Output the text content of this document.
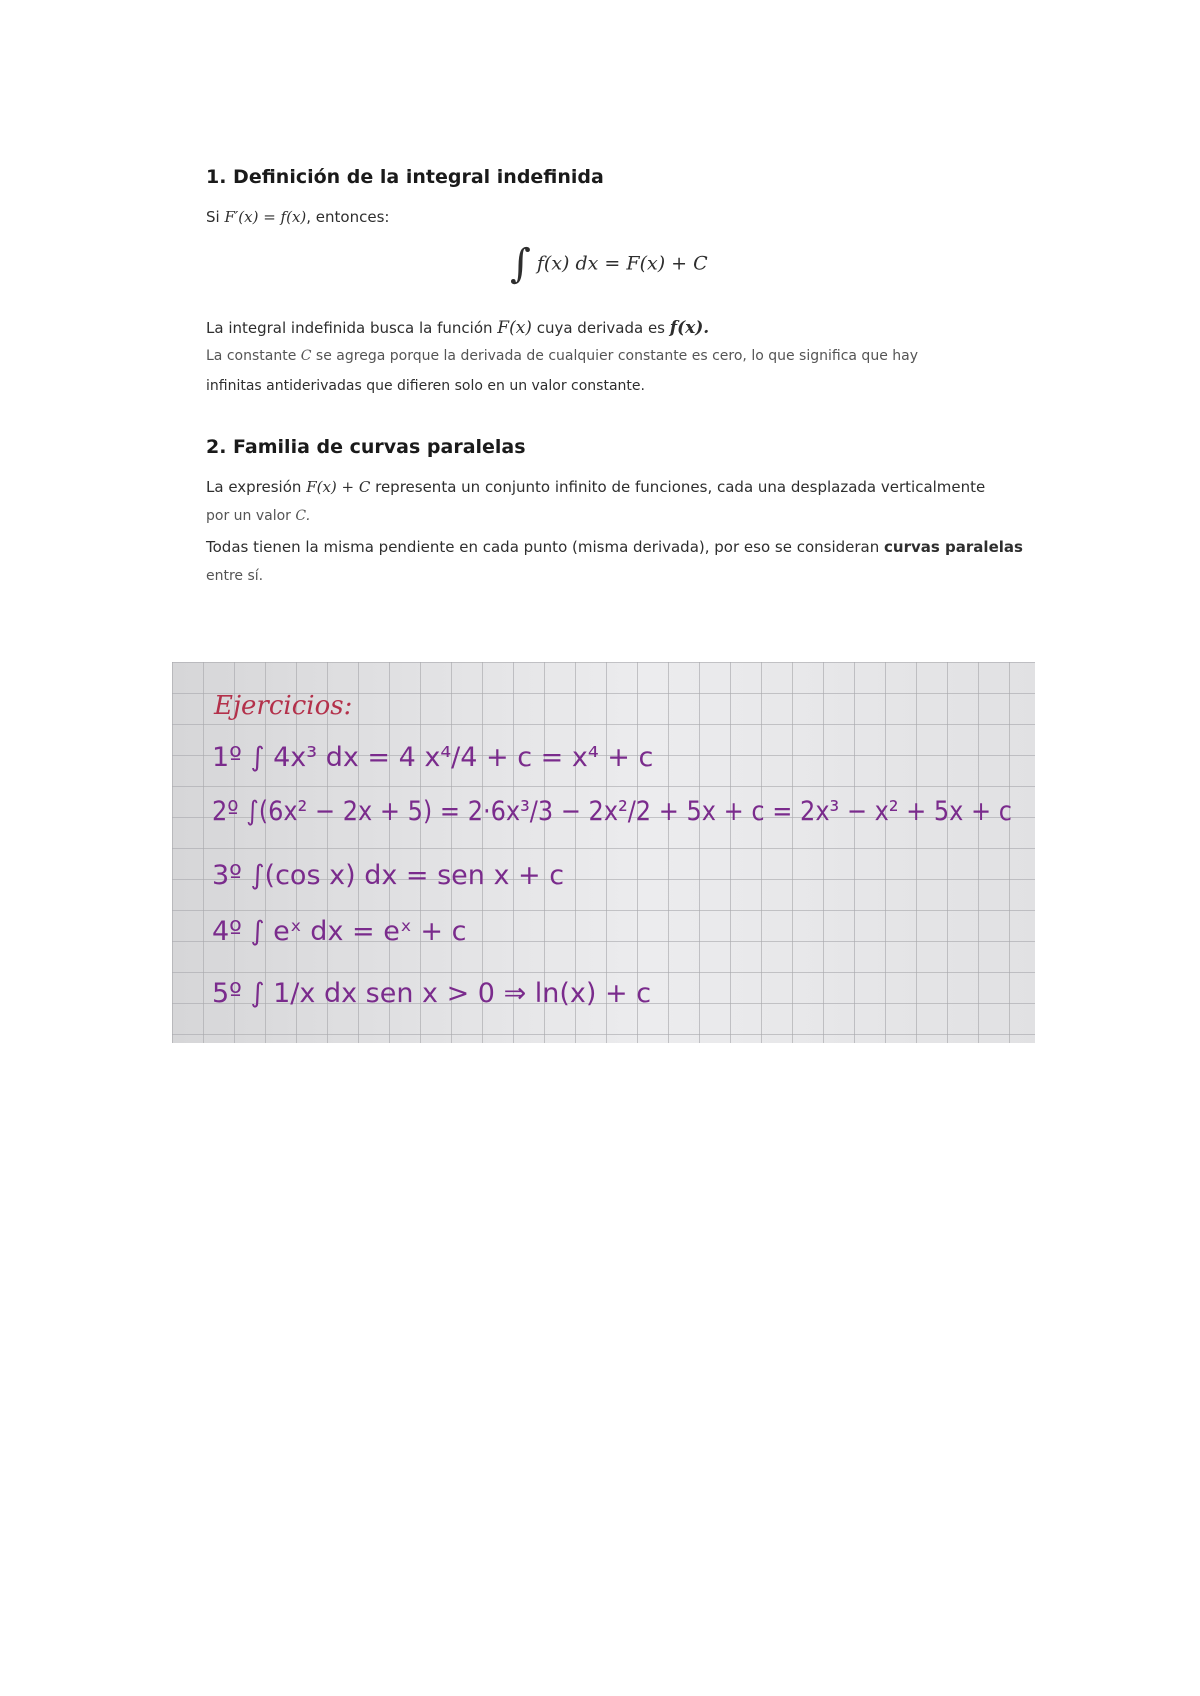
1. Definición de la integral indefinida
Si F′(x) = f(x), entonces:
∫ f(x) dx = F(x) + C
La integral indefinida busca la función F(x) cuya derivada es f(x).
La constante C se agrega porque la derivada de cualquier constante es cero, lo que significa que hay
infinitas antiderivadas que difieren solo en un valor constante.
2. Familia de curvas paralelas
La expresión F(x) + C representa un conjunto infinito de funciones, cada una desplazada verticalmente
por un valor C.
Todas tienen la misma pendiente en cada punto (misma derivada), por eso se consideran curvas paralelas
entre sí.
Ejercicios:
1º ∫ 4x³ dx = 4 x⁴/4 + c = x⁴ + c
2º ∫(6x² − 2x + 5) = 2·6x³/3 − 2x²/2 + 5x + c = 2x³ − x² + 5x + c
3º ∫(cos x) dx = sen x + c
4º ∫ eˣ dx = eˣ + c
5º ∫ 1/x dx sen x > 0 ⇒ ln(x) + c
